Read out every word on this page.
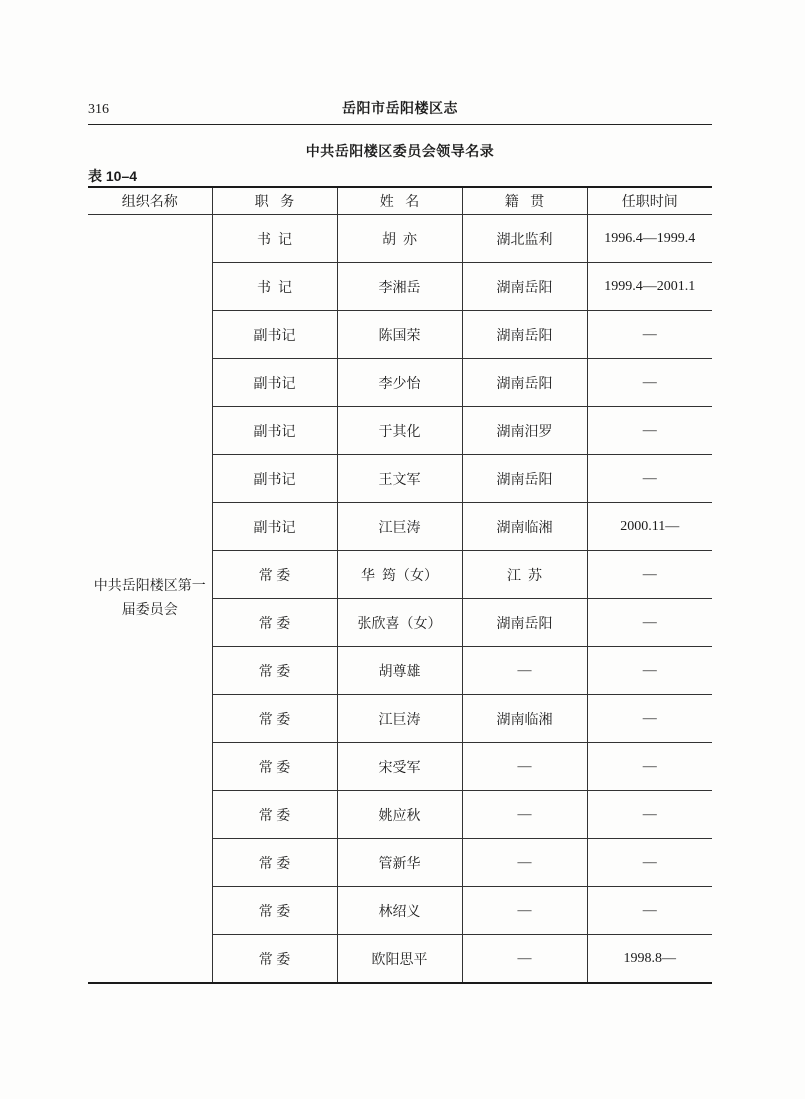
316	岳阳市岳阳楼区志
中共岳阳楼区委员会领导名录
表 10–4
组织名称	职 务	姓 名	籍 贯	任职时间
中共岳阳楼区第一届委员会	书  记	胡  亦	湖北监利	1996.4—1999.4
	书  记	李湘岳	湖南岳阳	1999.4—2001.1
	副书记	陈国荣	湖南岳阳	—
	副书记	李少怡	湖南岳阳	—
	副书记	于其化	湖南汨罗	—
	副书记	王文军	湖南岳阳	—
	副书记	江巨涛	湖南临湘	2000.11—
	常 委	华  筠（女）	江  苏	—
	常 委	张欣喜（女）	湖南岳阳	—
	常 委	胡尊雄	—	—
	常 委	江巨涛	湖南临湘	—
	常 委	宋受军	—	—
	常 委	姚应秋	—	—
	常 委	管新华	—	—
	常 委	林绍义	—	—
	常 委	欧阳思平	—	1998.8—
